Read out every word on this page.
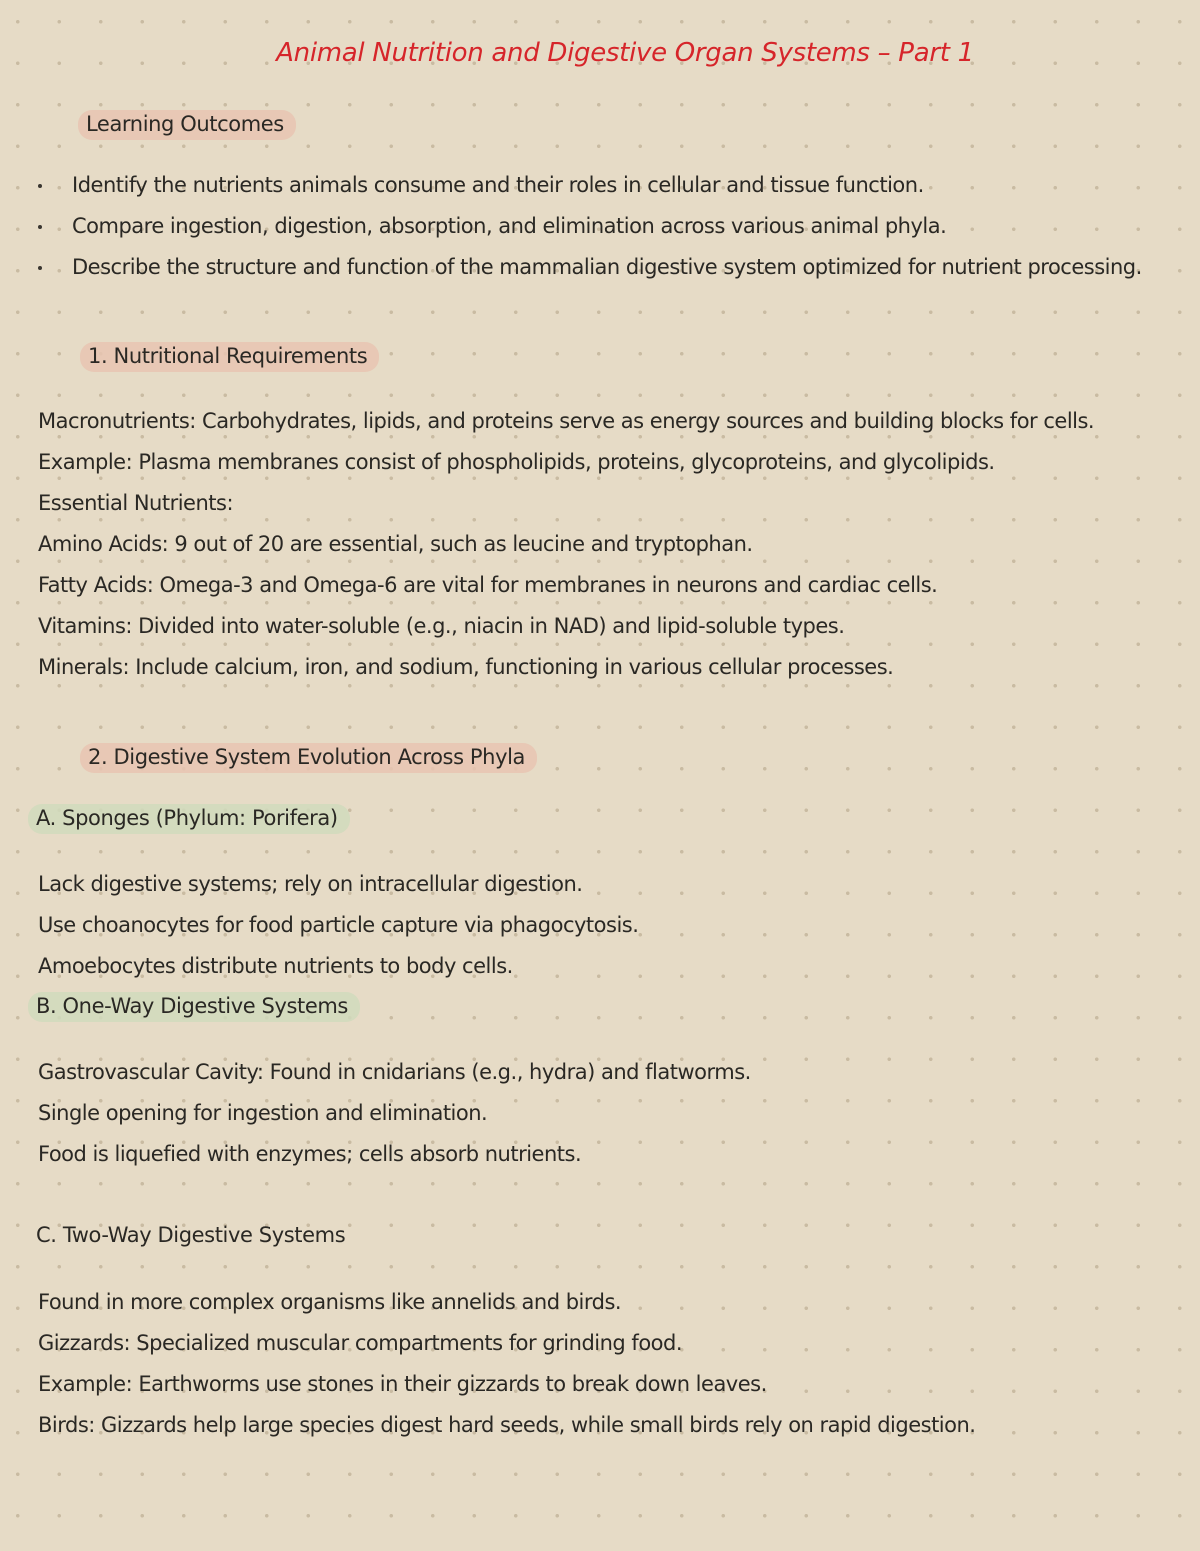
Animal Nutrition and Digestive Organ Systems – Part 1
Learning Outcomes
Identify the nutrients animals consume and their roles in cellular and tissue function.
Compare ingestion, digestion, absorption, and elimination across various animal phyla.
Describe the structure and function of the mammalian digestive system optimized for nutrient processing.
1. Nutritional Requirements
Macronutrients: Carbohydrates, lipids, and proteins serve as energy sources and building blocks for cells.
Example: Plasma membranes consist of phospholipids, proteins, glycoproteins, and glycolipids.
Essential Nutrients:
Amino Acids: 9 out of 20 are essential, such as leucine and tryptophan.
Fatty Acids: Omega-3 and Omega-6 are vital for membranes in neurons and cardiac cells.
Vitamins: Divided into water-soluble (e.g., niacin in NAD) and lipid-soluble types.
Minerals: Include calcium, iron, and sodium, functioning in various cellular processes.
2. Digestive System Evolution Across Phyla
A. Sponges (Phylum: Porifera)
Lack digestive systems; rely on intracellular digestion.
Use choanocytes for food particle capture via phagocytosis.
Amoebocytes distribute nutrients to body cells.
B. One-Way Digestive Systems
Gastrovascular Cavity: Found in cnidarians (e.g., hydra) and flatworms.
Single opening for ingestion and elimination.
Food is liquefied with enzymes; cells absorb nutrients.
C. Two-Way Digestive Systems
Found in more complex organisms like annelids and birds.
Gizzards: Specialized muscular compartments for grinding food.
Example: Earthworms use stones in their gizzards to break down leaves.
Birds: Gizzards help large species digest hard seeds, while small birds rely on rapid digestion.
